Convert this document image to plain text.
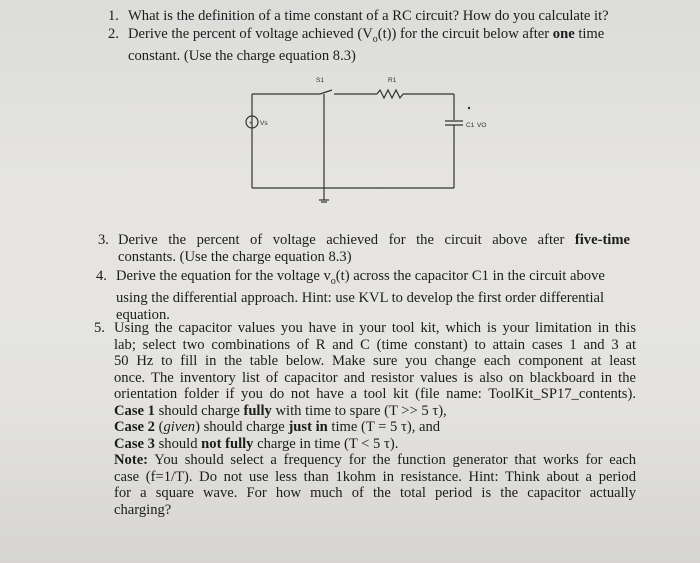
1. What is the definition of a time constant of a RC circuit? How do you calculate it?
2. Derive the percent of voltage achieved $(V_o(t))$ for the circuit below after one time
constant. (Use the charge equation 8.3)
+
S1	R1
Vs	C1 VO
3. Derive the percent of voltage achieved for the circuit above after five-time
constants. (Use the charge equation 8.3)
4. Derive the equation for the voltage $v_o(t)$ across the capacitor C1 in the circuit above
using the differential approach. Hint: use KVL to develop the first order differential
equation.
5. Using the capacitor values you have in your tool kit, which is your limitation in this
lab; select two combinations of R and C (time constant) to attain cases 1 and 3 at
50 Hz to fill in the table below. Make sure you change each component at least
once. The inventory list of capacitor and resistor values is also on blackboard in the
orientation folder if you do not have a tool kit (file name: ToolKit_SP17_contents).
Case 1 should charge fully with time to spare (T >> 5 τ),
Case 2 (given) should charge just in time (T = 5 τ), and
Case 3 should not fully charge in time (T < 5 τ).
Note: You should select a frequency for the function generator that works for each
case (f=1/T). Do not use less than 1kohm in resistance. Hint: Think about a period
for a square wave. For how much of the total period is the capacitor actually
charging?
